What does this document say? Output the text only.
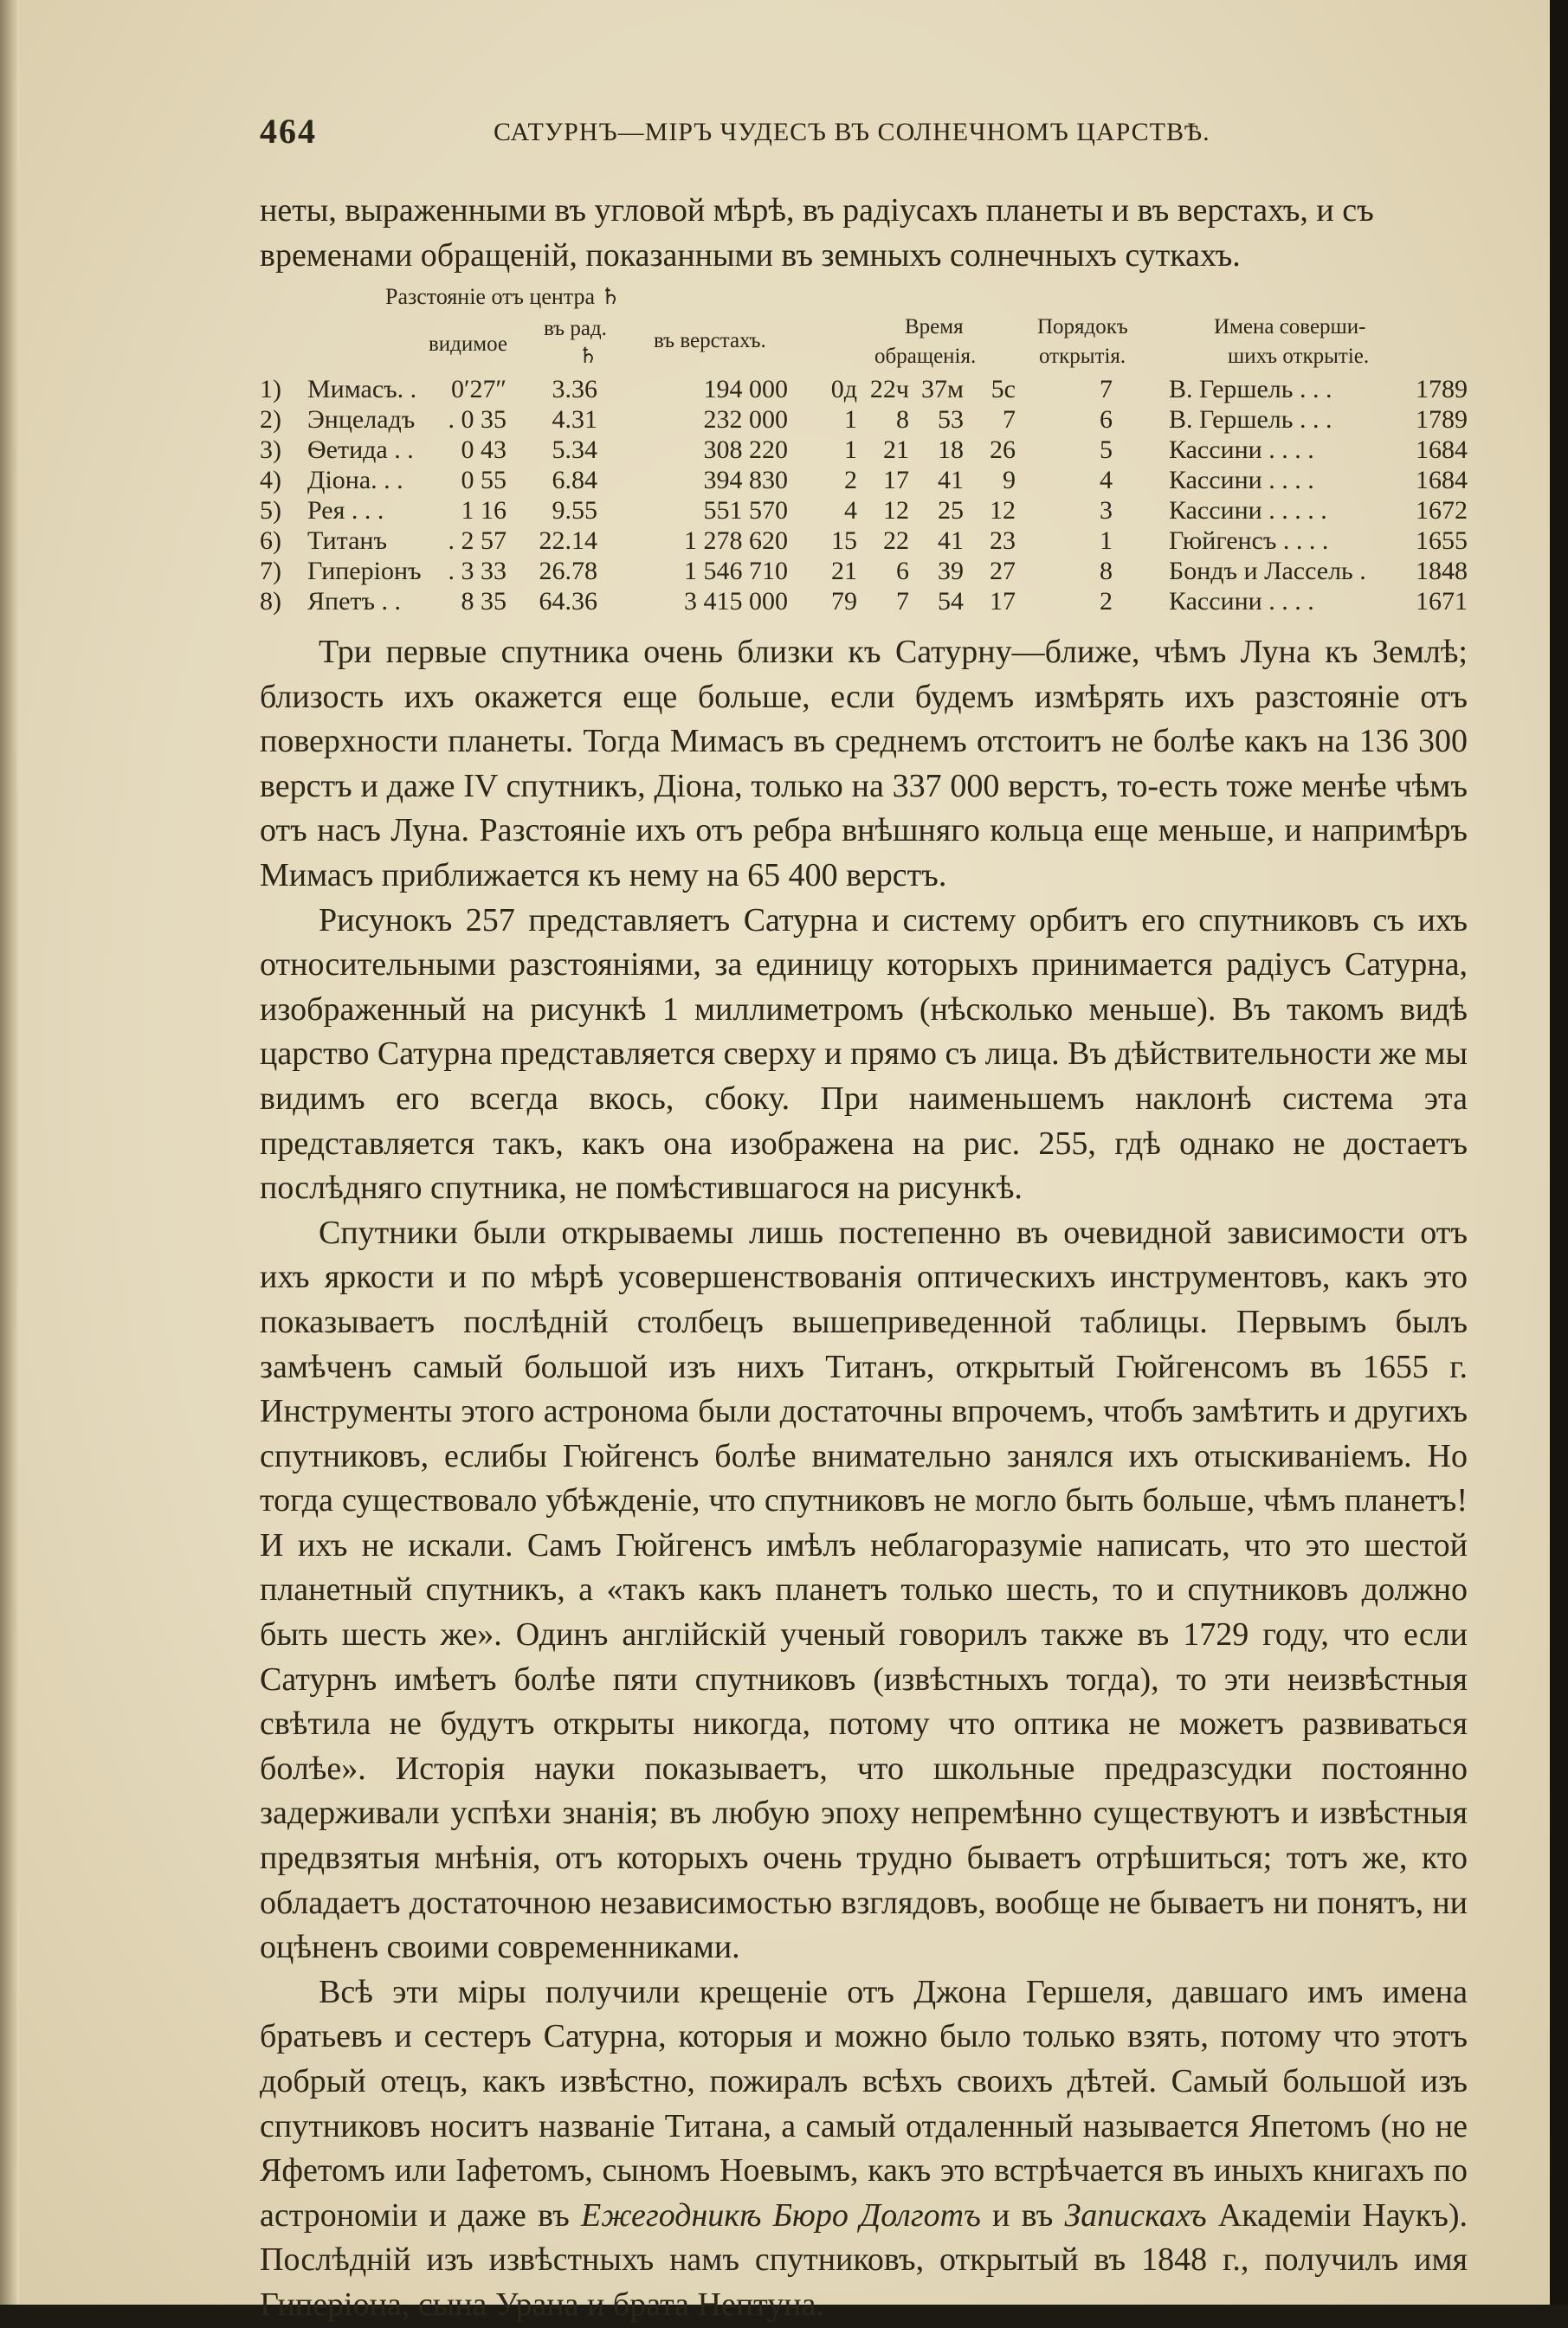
464	САТУРНЪ—МІРЪ ЧУДЕСЪ ВЪ СОЛНЕЧНОМЪ ЦАРСТВѢ.

неты, выраженными въ угловой мѣрѣ, въ радіусахъ планеты и въ верстахъ, и съ

временами обращеній, показанными въ земныхъ солнечныхъ суткахъ.

Разстояніе отъ центра ♄
видимое
въ рад.
♄
въ верстахъ.
Время
обращенія.
Порядокъ
открытія.
Имена соверши-
шихъ открытіе.
1)	Мимасъ. .	0′27″	3.36	194 000	0д 22ч 37м	5с	7 В. Гершель . . .	1789
2)	Энцеладъ	. 0 35	4.31	232 000	1	8	53	7	6 В. Гершель . . .	1789
3)	Ѳетида . .	0 43	5.34	308 220	1	21	18	26	5 Кассини . . . .	1684
4)	Діона. . .	0 55	6.84	394 830	2	17	41	9	4 Кассини . . . .	1684
5)	Рея . . .	1 16	9.55	551 570	4	12	25	12	3 Кассини . . . . .	1672
6)	Титанъ	. 2 57	22.14	1 278 620	15	22	41	23	1 Гюйгенсъ . . . .	1655
7)	Гиперіонъ	. 3 33	26.78	1 546 710	21	6	39	27	8 Бондъ и Лассель .	1848
8)	Япетъ . .	8 35	64.36	3 415 000	79	7	54	17	2 Кассини . . . .	1671

Три первые спутника очень близки къ Сатурну—ближе, чѣмъ Луна къ Землѣ; близость ихъ окажется еще больше, если будемъ измѣрять ихъ разстояніе отъ поверхности планеты. Тогда Мимасъ въ среднемъ отстоитъ не болѣе какъ на 136 300 верстъ и даже IV спутникъ, Діона, только на 337 000 верстъ, то-есть тоже менѣе чѣмъ отъ насъ Луна. Разстояніе ихъ отъ ребра внѣшняго кольца еще меньше, и напримѣръ Мимасъ приближается къ нему на 65 400 верстъ.

Рисунокъ 257 представляетъ Сатурна и систему орбитъ его спутниковъ съ ихъ относительными разстояніями, за единицу которыхъ принимается радіусъ Сатурна, изображенный на рисункѣ 1 миллиметромъ (нѣсколько меньше). Въ такомъ видѣ царство Сатурна представляется сверху и прямо съ лица. Въ дѣйствительности же мы видимъ его всегда вкось, сбоку. При наименьшемъ наклонѣ система эта представляется такъ, какъ она изображена на рис. 255, гдѣ однако не достаетъ послѣдняго спутника, не помѣстившагося на рисункѣ.

Спутники были открываемы лишь постепенно въ очевидной зависимости отъ ихъ яркости и по мѣрѣ усовершенствованія оптическихъ инструментовъ, какъ это показываетъ послѣдній столбецъ вышеприведенной таблицы. Первымъ былъ замѣченъ самый большой изъ нихъ Титанъ, открытый Гюйгенсомъ въ 1655 г. Инструменты этого астронома были достаточны впрочемъ, чтобъ замѣтить и другихъ спутниковъ, еслибы Гюйгенсъ болѣе внимательно занялся ихъ отыскиваніемъ. Но тогда существовало убѣжденіе, что спутниковъ не могло быть больше, чѣмъ планетъ! И ихъ не искали. Самъ Гюйгенсъ имѣлъ неблагоразуміе написать, что это шестой планетный спутникъ, а «такъ какъ планетъ только шесть, то и спутниковъ должно быть шесть же». Одинъ англійскій ученый говорилъ также въ 1729 году, что если Сатурнъ имѣетъ болѣе пяти спутниковъ (извѣстныхъ тогда), то эти неизвѣстныя свѣтила не будутъ открыты никогда, потому что оптика не можетъ развиваться болѣе». Исторія науки показываетъ, что школьные предразсудки постоянно задерживали успѣхи знанія; въ любую эпоху непремѣнно существуютъ и извѣстныя предвзятыя мнѣнія, отъ которыхъ очень трудно бываетъ отрѣшиться; тотъ же, кто обладаетъ достаточною независимостью взглядовъ, вообще не бываетъ ни понятъ, ни оцѣненъ своими современниками.

Всѣ эти міры получили крещеніе отъ Джона Гершеля, давшаго имъ имена братьевъ и сестеръ Сатурна, которыя и можно было только взять, потому что этотъ добрый отецъ, какъ извѣстно, пожиралъ всѣхъ своихъ дѣтей. Самый большой изъ спутниковъ носитъ названіе Титана, а самый отдаленный называется Япетомъ (но не Яфетомъ или Іафетомъ, сыномъ Ноевымъ, какъ это встрѣчается въ иныхъ книгахъ по астрономіи и даже въ Ежегодникѣ Бюро Долготъ и въ Запискахъ Академіи Наукъ). Послѣдній изъ извѣстныхъ намъ спутниковъ, открытый въ 1848 г., получилъ имя Гиперіона, сына Урана и брата Нептуна.
